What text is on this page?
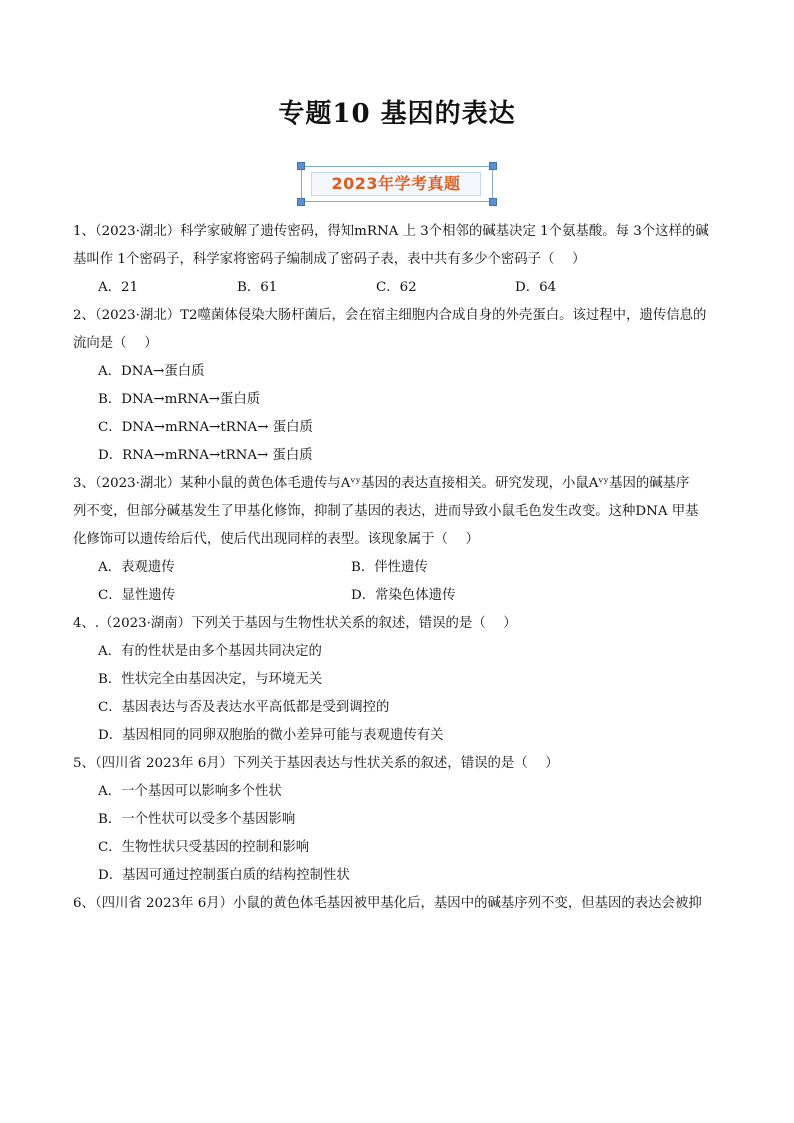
专题10 基因的表达
2023年学考真题
1、（2023·湖北）科学家破解了遗传密码，得知mRNA 上 3个相邻的碱基决定 1个氨基酸。每 3个这样的碱
基叫作 1个密码子，科学家将密码子编制成了密码子表，表中共有多少个密码子（　 ）
A．21	B．61	C．62	D．64
2、（2023·湖北）T2噬菌体侵染大肠杆菌后，会在宿主细胞内合成自身的外壳蛋白。该过程中，遗传信息的
流向是（　 ）
A．DNA→蛋白质
B．DNA→mRNA→蛋白质
C．DNA→mRNA→tRNA→ 蛋白质
D．RNA→mRNA→tRNA→ 蛋白质
3、（2023·湖北）某种小鼠的黄色体毛遗传与Aᵛʸ基因的表达直接相关。研究发现，小鼠Aᵛʸ基因的碱基序
列不变，但部分碱基发生了甲基化修饰，抑制了基因的表达，进而导致小鼠毛色发生改变。这种DNA 甲基
化修饰可以遗传给后代，使后代出现同样的表型。该现象属于（　 ）
A．表观遗传	B．伴性遗传
C．显性遗传	D．常染色体遗传
4、.（2023·湖南）下列关于基因与生物性状关系的叙述，错误的是（　 ）
A．有的性状是由多个基因共同决定的
B．性状完全由基因决定，与环境无关
C．基因表达与否及表达水平高低都是受到调控的
D．基因相同的同卵双胞胎的微小差异可能与表观遗传有关
5、（四川省 2023年 6月）下列关于基因表达与性状关系的叙述，错误的是（　 ）
A．一个基因可以影响多个性状
B．一个性状可以受多个基因影响
C．生物性状只受基因的控制和影响
D．基因可通过控制蛋白质的结构控制性状
6、（四川省 2023年 6月）小鼠的黄色体毛基因被甲基化后，基因中的碱基序列不变，但基因的表达会被抑
